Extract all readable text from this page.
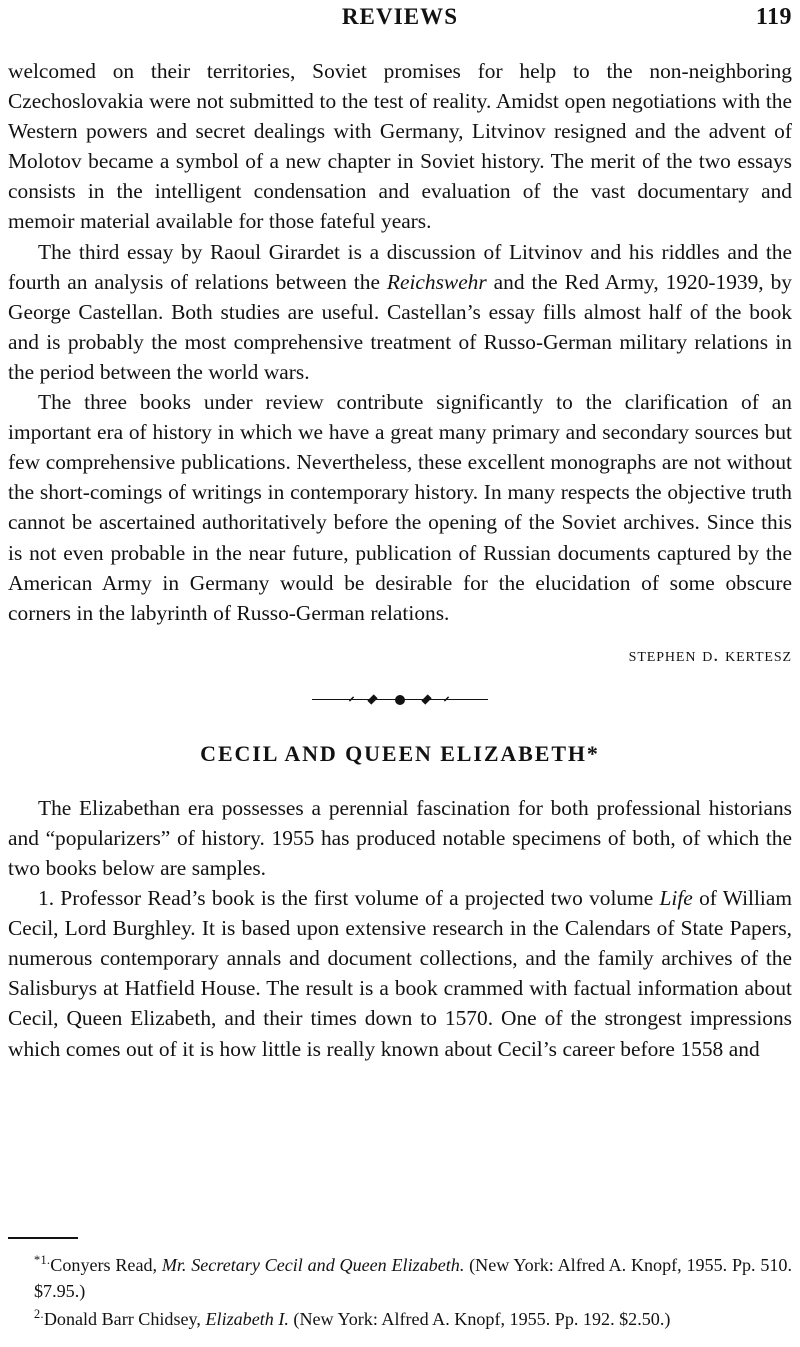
REVIEWS	119

welcomed on their territories, Soviet promises for help to the non-neighboring Czechoslovakia were not submitted to the test of reality. Amidst open negotiations with the Western powers and secret dealings with Germany, Litvinov resigned and the advent of Molotov became a symbol of a new chapter in Soviet history. The merit of the two essays consists in the intelligent condensation and evaluation of the vast documentary and memoir material available for those fateful years.

The third essay by Raoul Girardet is a discussion of Litvinov and his riddles and the fourth an analysis of relations between the Reichswehr and the Red Army, 1920-1939, by George Castellan. Both studies are useful. Castellan’s essay fills almost half of the book and is probably the most comprehensive treatment of Russo-German military relations in the period between the world wars.

The three books under review contribute significantly to the clarification of an important era of history in which we have a great many primary and secondary sources but few comprehensive publications. Nevertheless, these excellent monographs are not without the short-comings of writings in contemporary history. In many respects the objective truth cannot be ascertained authoritatively before the opening of the Soviet archives. Since this is not even probable in the near future, publication of Russian documents captured by the American Army in Germany would be desirable for the elucidation of some obscure corners in the labyrinth of Russo-German relations.

stephen d. kertesz
CECIL AND QUEEN ELIZABETH*

The Elizabethan era possesses a perennial fascination for both professional historians and “popularizers” of history. 1955 has produced notable specimens of both, of which the two books below are samples.

1. Professor Read’s book is the first volume of a projected two volume Life of William Cecil, Lord Burghley. It is based upon extensive research in the Calendars of State Papers, numerous contemporary annals and document collections, and the family archives of the Salisburys at Hatfield House. The result is a book crammed with factual information about Cecil, Queen Elizabeth, and their times down to 1570. One of the strongest impressions which comes out of it is how little is really known about Cecil’s career before 1558 and

$^{*1.}$Conyers Read, Mr. Secretary Cecil and Queen Elizabeth. (New York: Alfred A. Knopf, 1955. Pp. 510. $7.95.)

$^{2.}$Donald Barr Chidsey, Elizabeth I. (New York: Alfred A. Knopf, 1955. Pp. 192. $2.50.)
